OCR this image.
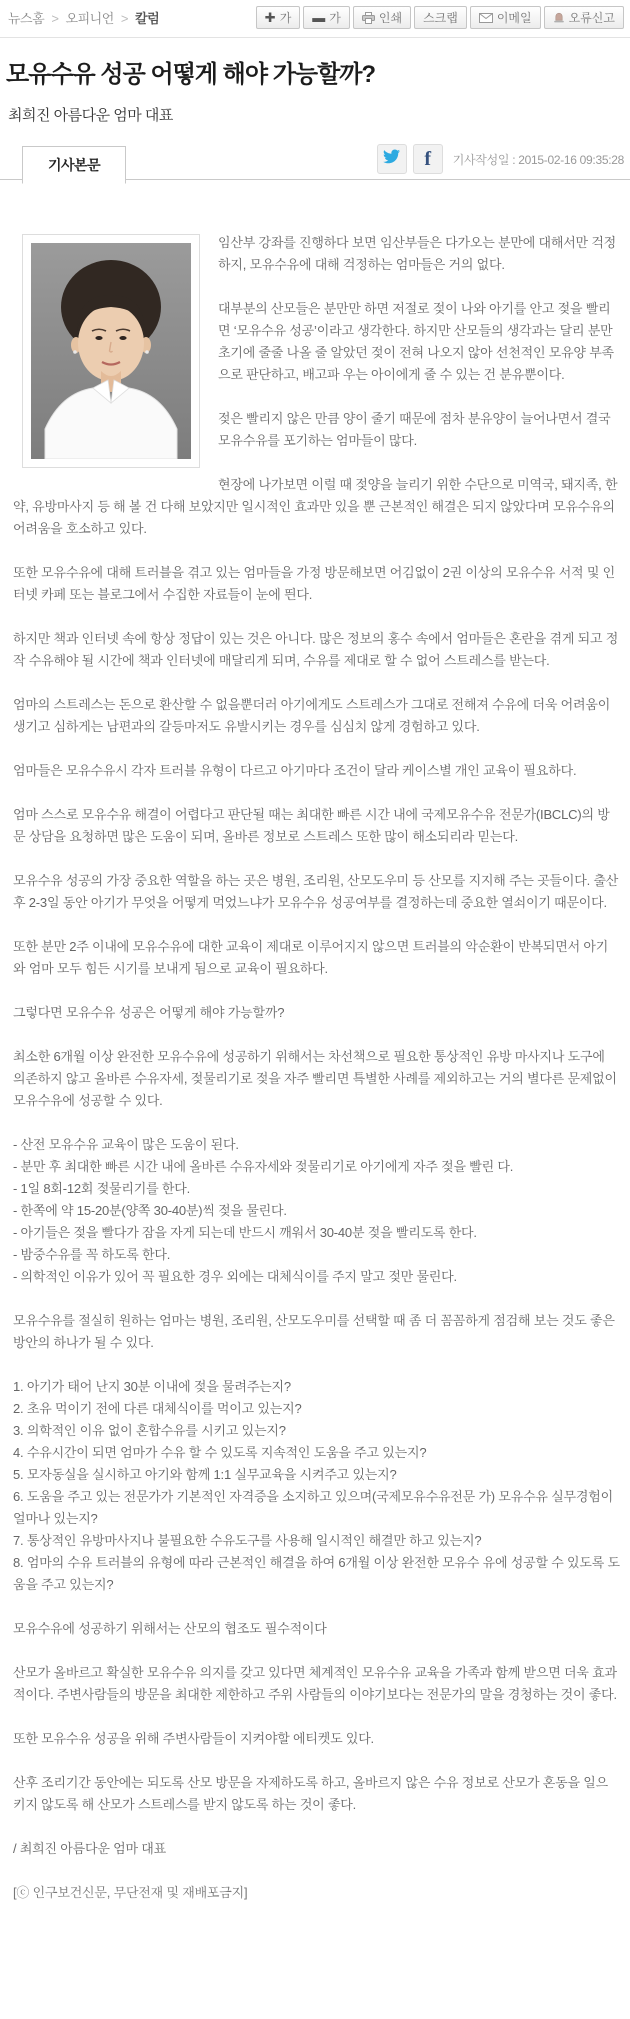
뉴스홈 > 오피니언 > 칼럼	✚ 가 ▬ 가	인쇄 스크랩	이메일	오류신고
모유수유 성공 어떻게 해야 가능할까?
최희진 아름다운 엄마 대표
기사본문	f 기사작성일 : 2015-02-16 09:35:28

임산부 강좌를 진행하다 보면 임산부들은 다가오는 분만에 대해서만 걱정하지, 모유수유에 대해 걱정하는 엄마들은 거의 없다.

대부분의 산모들은 분만만 하면 저절로 젖이 나와 아기를 안고 젖을 빨리면 ‘모유수유 성공’이라고 생각한다. 하지만 산모들의 생각과는 달리 분만 초기에 줄줄 나올 줄 알았던 젖이 전혀 나오지 않아 선천적인 모유양 부족으로 판단하고, 배고파 우는 아이에게 줄 수 있는 건 분유뿐이다.

젖은 빨리지 않은 만큼 양이 줄기 때문에 점차 분유양이 늘어나면서 결국 모유수유를 포기하는 엄마들이 많다.

현장에 나가보면 이럴 때 젖양을 늘리기 위한 수단으로 미역국, 돼지족, 한약, 유방마사지 등 해 볼 건 다해 보았지만 일시적인 효과만 있을 뿐 근본적인 해결은 되지 않았다며 모유수유의 어려움을 호소하고 있다.

또한 모유수유에 대해 트러블을 겪고 있는 엄마들을 가정 방문해보면 어김없이 2권 이상의 모유수유 서적 및 인터넷 카페 또는 블로그에서 수집한 자료들이 눈에 띈다.

하지만 책과 인터넷 속에 항상 정답이 있는 것은 아니다. 많은 정보의 홍수 속에서 엄마들은 혼란을 겪게 되고 정작 수유해야 될 시간에 책과 인터넷에 매달리게 되며, 수유를 제대로 할 수 없어 스트레스를 받는다.

엄마의 스트레스는 돈으로 환산할 수 없을뿐더러 아기에게도 스트레스가 그대로 전해져 수유에 더욱 어려움이 생기고 심하게는 남편과의 갈등마저도 유발시키는 경우를 심심치 않게 경험하고 있다.

엄마들은 모유수유시 각자 트러블 유형이 다르고 아기마다 조건이 달라 케이스별 개인 교육이 필요하다.

엄마 스스로 모유수유 해결이 어렵다고 판단될 때는 최대한 빠른 시간 내에 국제모유수유 전문가(IBCLC)의 방문 상담을 요청하면 많은 도움이 되며, 올바른 정보로 스트레스 또한 많이 해소되리라 믿는다.

모유수유 성공의 가장 중요한 역할을 하는 곳은 병원, 조리원, 산모도우미 등 산모를 지지해 주는 곳들이다. 출산 후 2-3일 동안 아기가 무엇을 어떻게 먹었느냐가 모유수유 성공여부를 결정하는데 중요한 열쇠이기 때문이다.

또한 분만 2주 이내에 모유수유에 대한 교육이 제대로 이루어지지 않으면 트러블의 악순환이 반복되면서 아기와 엄마 모두 힘든 시기를 보내게 됨으로 교육이 필요하다.

그렇다면 모유수유 성공은 어떻게 해야 가능할까?

최소한 6개월 이상 완전한 모유수유에 성공하기 위해서는 차선책으로 필요한 통상적인 유방 마사지나 도구에 의존하지 않고 올바른 수유자세, 젖물리기로 젖을 자주 빨리면 특별한 사례를 제외하고는 거의 별다른 문제없이 모유수유에 성공할 수 있다.

- 산전 모유수유 교육이 많은 도움이 된다.

- 분만 후 최대한 빠른 시간 내에 올바른 수유자세와 젖물리기로 아기에게 자주 젖을 빨린 다.

- 1일 8회-12회 젖물리기를 한다.

- 한쪽에 약 15-20분(양쪽 30-40분)씩 젖을 물린다.

- 아기들은 젖을 빨다가 잠을 자게 되는데 반드시 깨워서 30-40분 젖을 빨리도록 한다.

- 밤중수유를 꼭 하도록 한다.

- 의학적인 이유가 있어 꼭 필요한 경우 외에는 대체식이를 주지 말고 젖만 물린다.

모유수유를 절실히 원하는 엄마는 병원, 조리원, 산모도우미를 선택할 때 좀 더 꼼꼼하게 점검해 보는 것도 좋은 방안의 하나가 될 수 있다.

1. 아기가 태어 난지 30분 이내에 젖을 물려주는지?

2. 초유 먹이기 전에 다른 대체식이를 먹이고 있는지?

3. 의학적인 이유 없이 혼합수유를 시키고 있는지?

4. 수유시간이 되면 엄마가 수유 할 수 있도록 지속적인 도움을 주고 있는지?

5. 모자동실을 실시하고 아기와 함께 1:1 실무교육을 시켜주고 있는지?

6. 도움을 주고 있는 전문가가 기본적인 자격증을 소지하고 있으며(국제모유수유전문 가) 모유수유 실무경험이 얼마나 있는지?

7. 통상적인 유방마사지나 불필요한 수유도구를 사용해 일시적인 해결만 하고 있는지?

8. 엄마의 수유 트러블의 유형에 따라 근본적인 해결을 하여 6개월 이상 완전한 모유수 유에 성공할 수 있도록 도움을 주고 있는지?

모유수유에 성공하기 위해서는 산모의 협조도 필수적이다

산모가 올바르고 확실한 모유수유 의지를 갖고 있다면 체계적인 모유수유 교육을 가족과 함께 받으면 더욱 효과적이다. 주변사람들의 방문을 최대한 제한하고 주위 사람들의 이야기보다는 전문가의 말을 경청하는 것이 좋다.

또한 모유수유 성공을 위해 주변사람들이 지켜야할 에티켓도 있다.

산후 조리기간 동안에는 되도록 산모 방문을 자제하도록 하고, 올바르지 않은 수유 정보로 산모가 혼동을 일으키지 않도록 해 산모가 스트레스를 받지 않도록 하는 것이 좋다.

/ 최희진 아름다운 엄마 대표

[ⓒ 인구보건신문, 무단전재 및 재배포금지]
